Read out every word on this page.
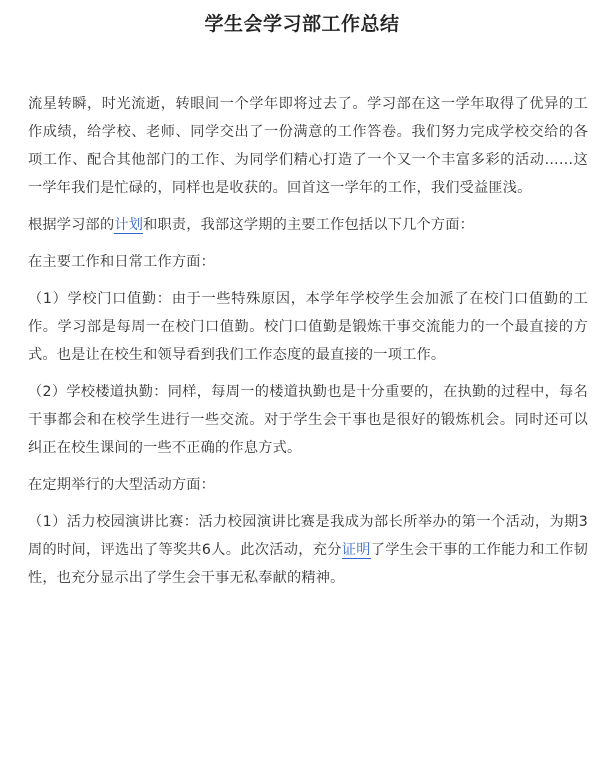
学生会学习部工作总结

流星转瞬，时光流逝，转眼间一个学年即将过去了。学习部在这一学年取得了优异的工作成绩，给学校、老师、同学交出了一份满意的工作答卷。我们努力完成学校交给的各项工作、配合其他部门的工作、为同学们精心打造了一个又一个丰富多彩的活动……这一学年我们是忙碌的，同样也是收获的。回首这一学年的工作，我们受益匪浅。

根据学习部的计划和职责，我部这学期的主要工作包括以下几个方面：

在主要工作和日常工作方面：

（1）学校门口值勤：由于一些特殊原因，本学年学校学生会加派了在校门口值勤的工作。学习部是每周一在校门口值勤。校门口值勤是锻炼干事交流能力的一个最直接的方式。也是让在校生和领导看到我们工作态度的最直接的一项工作。

（2）学校楼道执勤：同样，每周一的楼道执勤也是十分重要的，在执勤的过程中，每名干事都会和在校学生进行一些交流。对于学生会干事也是很好的锻炼机会。同时还可以纠正在校生课间的一些不正确的作息方式。

在定期举行的大型活动方面：

（1）活力校园演讲比赛：活力校园演讲比赛是我成为部长所举办的第一个活动，为期3周的时间，评选出了等奖共6人。此次活动，充分证明了学生会干事的工作能力和工作韧性，也充分显示出了学生会干事无私奉献的精神。
